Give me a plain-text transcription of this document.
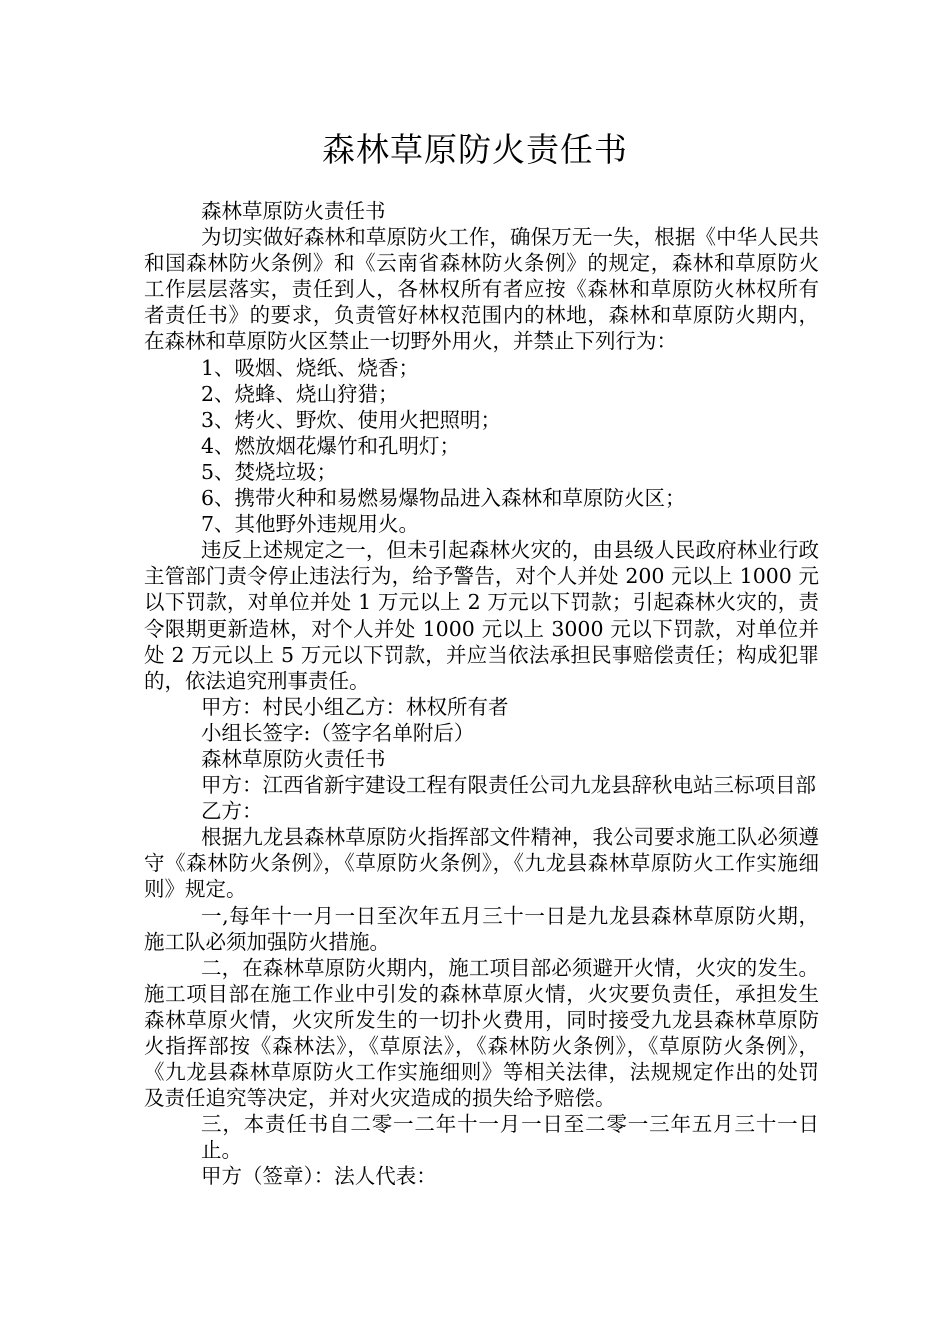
森林草原防火责任书

森林草原防火责任书

为切实做好森林和草原防火工作，确保万无一失，根据《中华人民共和国森林防火条例》和《云南省森林防火条例》的规定，森林和草原防火工作层层落实，责任到人，各林权所有者应按《森林和草原防火林权所有者责任书》的要求，负责管好林权范围内的林地，森林和草原防火期内，在森林和草原防火区禁止一切野外用火，并禁止下列行为：

1、吸烟、烧纸、烧香；

2、烧蜂、烧山狩猎；

3、烤火、野炊、使用火把照明；

4、燃放烟花爆竹和孔明灯；

5、焚烧垃圾；

6、携带火种和易燃易爆物品进入森林和草原防火区；

7、其他野外违规用火。

违反上述规定之一，但未引起森林火灾的，由县级人民政府林业行政主管部门责令停止违法行为，给予警告，对个人并处 200 元以上 1000 元以下罚款，对单位并处 1 万元以上 2 万元以下罚款；引起森林火灾的，责令限期更新造林，对个人并处 1000 元以上 3000 元以下罚款，对单位并处 2 万元以上 5 万元以下罚款，并应当依法承担民事赔偿责任；构成犯罪的，依法追究刑事责任。

甲方：村民小组乙方：林权所有者

小组长签字:（签字名单附后）

森林草原防火责任书

甲方：江西省新宇建设工程有限责任公司九龙县辞秋电站三标项目部

乙方：

根据九龙县森林草原防火指挥部文件精神，我公司要求施工队必须遵守《森林防火条例》，《草原防火条例》，《九龙县森林草原防火工作实施细则》规定。

一,每年十一月一日至次年五月三十一日是九龙县森林草原防火期，施工队必须加强防火措施。

二，在森林草原防火期内，施工项目部必须避开火情，火灾的发生。施工项目部在施工作业中引发的森林草原火情，火灾要负责任，承担发生森林草原火情，火灾所发生的一切扑火费用，同时接受九龙县森林草原防火指挥部按《森林法》，《草原法》，《森林防火条例》，《草原防火条例》，《九龙县森林草原防火工作实施细则》等相关法律，法规规定作出的处罚及责任追究等决定，并对火灾造成的损失给予赔偿。

三，本责任书自二零一二年十一月一日至二零一三年五月三十一日止。

甲方（签章）：法人代表：
